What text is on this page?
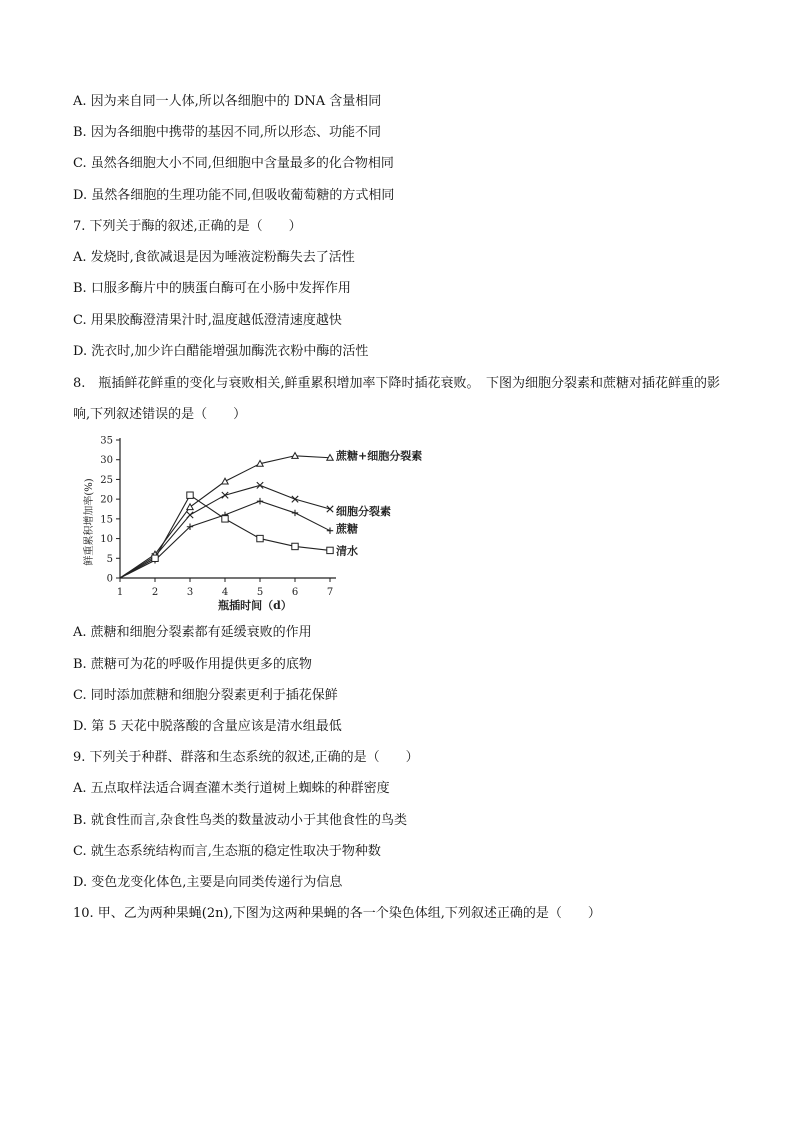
A. 因为来自同一人体,所以各细胞中的 DNA 含量相同
B. 因为各细胞中携带的基因不同,所以形态、功能不同
C. 虽然各细胞大小不同,但细胞中含量最多的化合物相同
D. 虽然各细胞的生理功能不同,但吸收葡萄糖的方式相同
7. 下列关于酶的叙述,正确的是（　　）
A. 发烧时,食欲减退是因为唾液淀粉酶失去了活性
B. 口服多酶片中的胰蛋白酶可在小肠中发挥作用
C. 用果胶酶澄清果汁时,温度越低澄清速度越快
D. 洗衣时,加少许白醋能增强加酶洗衣粉中酶的活性
8.　瓶插鲜花鲜重的变化与衰败相关,鲜重累积增加率下降时插花衰败。　下图为细胞分裂素和蔗糖对插花鲜重的影响,下列叙述错误的是（　　）
鲜重累积增加率(%)
瓶插时间（d）
0
5
10
15
20
25
30
35
1	2	3	4	5	6	7
蔗糖+细胞分裂素
细胞分裂素
蔗糖
清水
A. 蔗糖和细胞分裂素都有延缓衰败的作用
B. 蔗糖可为花的呼吸作用提供更多的底物
C. 同时添加蔗糖和细胞分裂素更利于插花保鲜
D. 第 5 天花中脱落酸的含量应该是清水组最低
9. 下列关于种群、群落和生态系统的叙述,正确的是（　　）
A. 五点取样法适合调查灌木类行道树上蜘蛛的种群密度
B. 就食性而言,杂食性鸟类的数量波动小于其他食性的鸟类
C. 就生态系统结构而言,生态瓶的稳定性取决于物种数
D. 变色龙变化体色,主要是向同类传递行为信息
10. 甲、乙为两种果蝇(2n),下图为这两种果蝇的各一个染色体组,下列叙述正确的是（　　）
